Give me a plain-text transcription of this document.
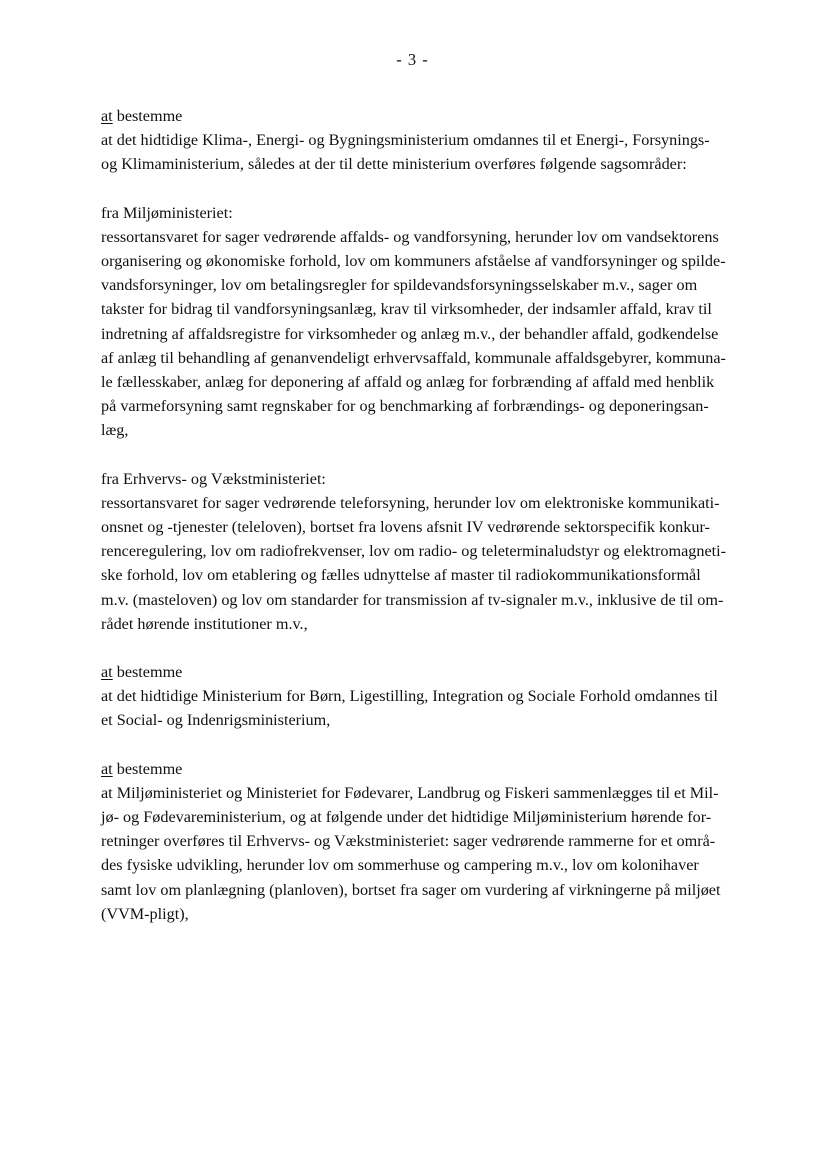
- 3 -

at bestemme

at det hidtidige Klima-, Energi- og Bygningsministerium omdannes til et Energi-, Forsynings-

og Klimaministerium, således at der til dette ministerium overføres følgende sagsområder:

fra Miljøministeriet:

ressortansvaret for sager vedrørende affalds- og vandforsyning, herunder lov om vandsektorens

organisering og økonomiske forhold, lov om kommuners afståelse af vandforsyninger og spilde-

vandsforsyninger, lov om betalingsregler for spildevandsforsyningsselskaber m.v., sager om

takster for bidrag til vandforsyningsanlæg, krav til virksomheder, der indsamler affald, krav til

indretning af affaldsregistre for virksomheder og anlæg m.v., der behandler affald, godkendelse

af anlæg til behandling af genanvendeligt erhvervsaffald, kommunale affaldsgebyrer, kommuna-

le fællesskaber, anlæg for deponering af affald og anlæg for forbrænding af affald med henblik

på varmeforsyning samt regnskaber for og benchmarking af forbrændings- og deponeringsan-

læg,

fra Erhvervs- og Vækstministeriet:

ressortansvaret for sager vedrørende teleforsyning, herunder lov om elektroniske kommunikati-

onsnet og -tjenester (teleloven), bortset fra lovens afsnit IV vedrørende sektorspecifik konkur-

renceregulering, lov om radiofrekvenser, lov om radio- og teleterminaludstyr og elektromagneti-

ske forhold, lov om etablering og fælles udnyttelse af master til radiokommunikationsformål

m.v. (masteloven) og lov om standarder for transmission af tv-signaler m.v., inklusive de til om-

rådet hørende institutioner m.v.,

at bestemme

at det hidtidige Ministerium for Børn, Ligestilling, Integration og Sociale Forhold omdannes til

et Social- og Indenrigsministerium,

at bestemme

at Miljøministeriet og Ministeriet for Fødevarer, Landbrug og Fiskeri sammenlægges til et Mil-

jø- og Fødevareministerium, og at følgende under det hidtidige Miljøministerium hørende for-

retninger overføres til Erhvervs- og Vækstministeriet: sager vedrørende rammerne for et områ-

des fysiske udvikling, herunder lov om sommerhuse og campering m.v., lov om kolonihaver

samt lov om planlægning (planloven), bortset fra sager om vurdering af virkningerne på miljøet

(VVM-pligt),
